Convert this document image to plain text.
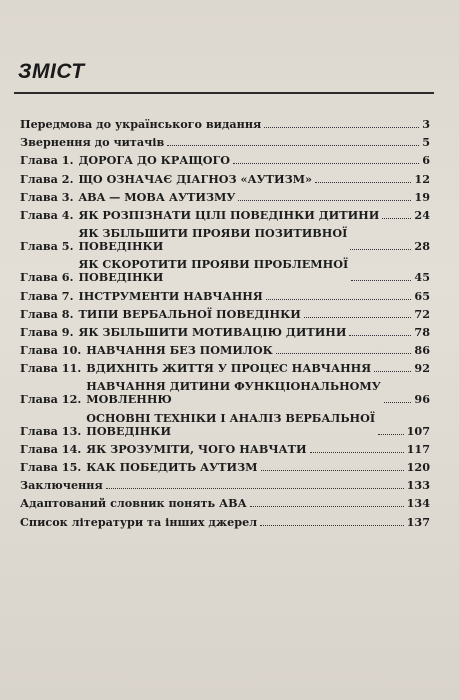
ЗМІСТ
Передмова до українського видання	3
Звернення до читачів	5
Глава 1. ДОРОГА ДО КРАЩОГО	6
Глава 2. ЩО ОЗНАЧАЄ ДІАГНОЗ «АУТИЗМ»	12
Глава 3. ABA — МОВА АУТИЗМУ	19
Глава 4. ЯК РОЗПІЗНАТИ ЦІЛІ ПОВЕДІНКИ ДИТИНИ	24
Глава 5.
ЯК ЗБІЛЬШИТИ ПРОЯВИ ПОЗИТИВНОЇ
ПОВЕДІНКИ	28
Глава 6.
ЯК СКОРОТИТИ ПРОЯВИ ПРОБЛЕМНОЇ
ПОВЕДІНКИ	45
Глава 7. ІНСТРУМЕНТИ НАВЧАННЯ	65
Глава 8. ТИПИ ВЕРБАЛЬНОЇ ПОВЕДІНКИ	72
Глава 9. ЯК ЗБІЛЬШИТИ МОТИВАЦІЮ ДИТИНИ	78
Глава 10. НАВЧАННЯ БЕЗ ПОМИЛОК	86
Глава 11. ВДИХНІТЬ ЖИТТЯ У ПРОЦЕС НАВЧАННЯ	92
Глава 12.
НАВЧАННЯ ДИТИНИ ФУНКЦІОНАЛЬНОМУ
МОВЛЕННЮ	96
Глава 13.
ОСНОВНІ ТЕХНІКИ І АНАЛІЗ ВЕРБАЛЬНОЇ
ПОВЕДІНКИ	107
Глава 14. ЯК ЗРОЗУМІТИ, ЧОГО НАВЧАТИ	117
Глава 15. КАК ПОБЕДИТЬ АУТИЗМ	120
Заключення	133
Адаптований словник понять АВА	134
Список літератури та інших джерел	137
